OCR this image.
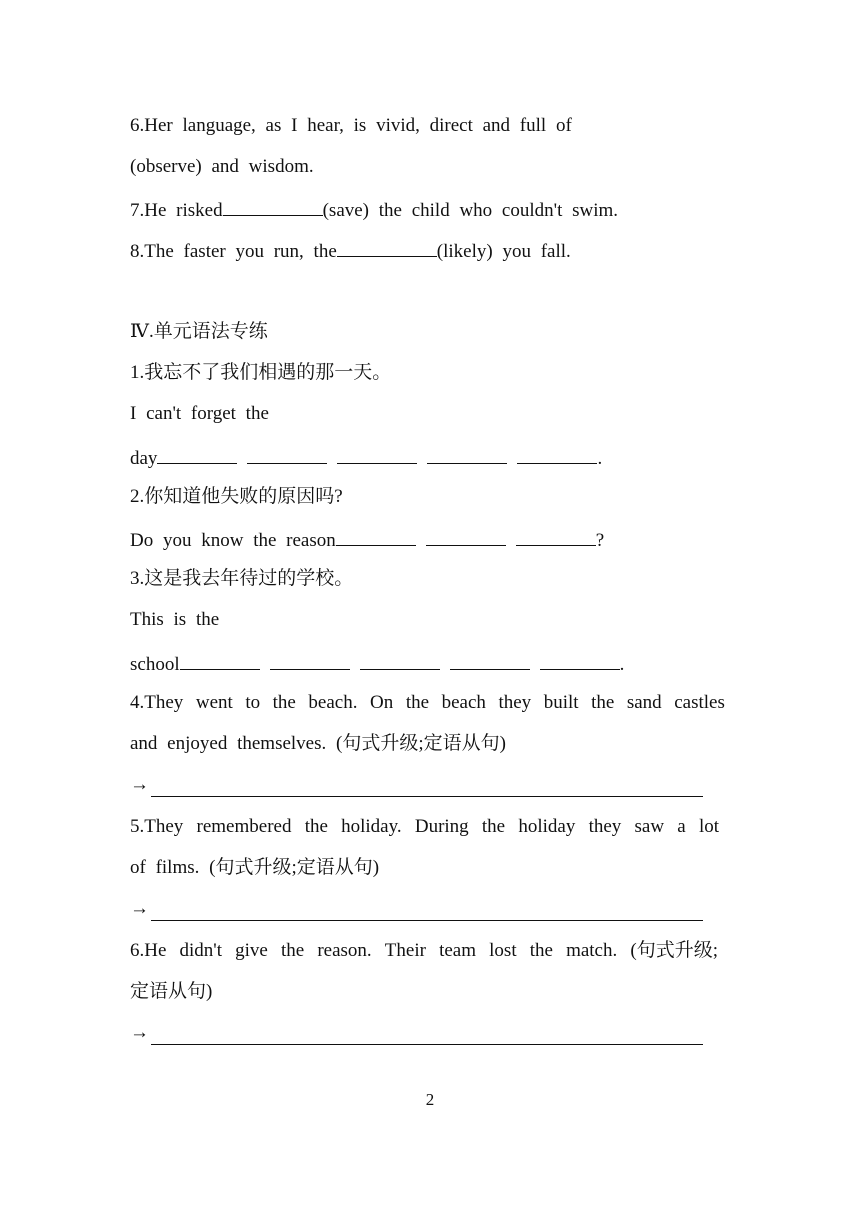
6.Her language, as I hear, is vivid, direct and full of
(observe) and wisdom.
7.He risked	(save) the child who couldn't swim.
8.The faster you run, the	(likely) you fall.
Ⅳ.单元语法专练
1.我忘不了我们相遇的那一天。
I can't forget the
day	.
2.你知道他失败的原因吗?
Do you know the reason	?
3.这是我去年待过的学校。
This is the
school	.
4.They went to the beach. On the beach they built the sand castles
and enjoyed themselves. (句式升级;定语从句)
→
5.They remembered the holiday. During the holiday they saw a lot
of films. (句式升级;定语从句)
→
6.He didn't give the reason. Their team lost the match. (句式升级;
定语从句)
→
2
